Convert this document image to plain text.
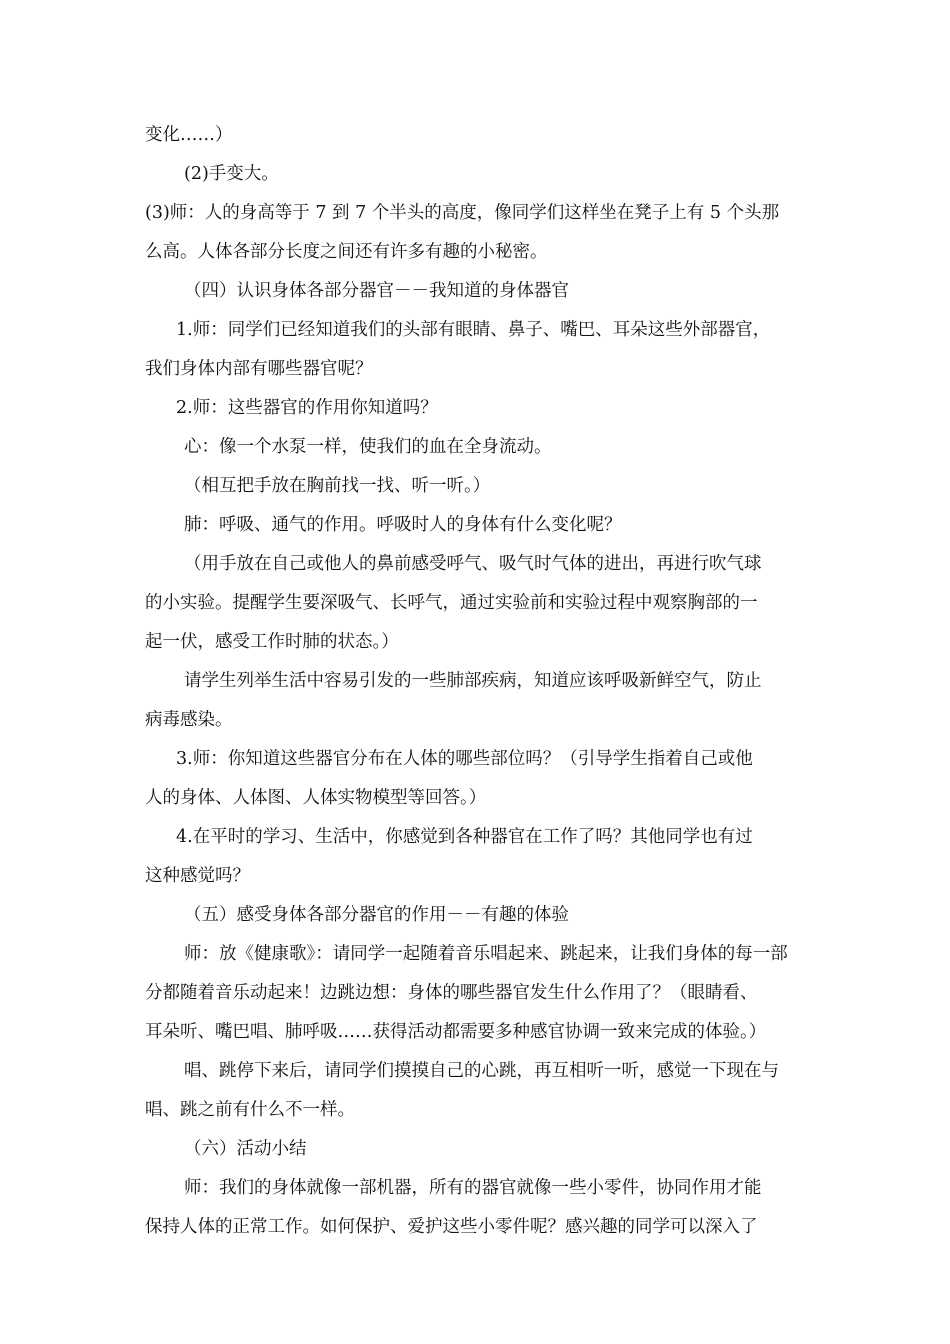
变化……）

(2)手变大。

(3)师：人的身高等于 7 到 7 个半头的高度，像同学们这样坐在凳子上有 5 个头那

么高。人体各部分长度之间还有许多有趣的小秘密。

（四）认识身体各部分器官－－我知道的身体器官

1.师：同学们已经知道我们的头部有眼睛、鼻子、嘴巴、耳朵这些外部器官，

我们身体内部有哪些器官呢？

2.师：这些器官的作用你知道吗？

心：像一个水泵一样，使我们的血在全身流动。

（相互把手放在胸前找一找、听一听。）

肺：呼吸、通气的作用。呼吸时人的身体有什么变化呢？

（用手放在自己或他人的鼻前感受呼气、吸气时气体的进出，再进行吹气球

的小实验。提醒学生要深吸气、长呼气，通过实验前和实验过程中观察胸部的一

起一伏，感受工作时肺的状态。）

请学生列举生活中容易引发的一些肺部疾病，知道应该呼吸新鲜空气，防止

病毒感染。

3.师：你知道这些器官分布在人体的哪些部位吗？（引导学生指着自己或他

人的身体、人体图、人体实物模型等回答。）

4.在平时的学习、生活中，你感觉到各种器官在工作了吗？其他同学也有过

这种感觉吗？

（五）感受身体各部分器官的作用－－有趣的体验

师：放《健康歌》：请同学一起随着音乐唱起来、跳起来，让我们身体的每一部

分都随着音乐动起来！边跳边想：身体的哪些器官发生什么作用了？（眼睛看、

耳朵听、嘴巴唱、肺呼吸……获得活动都需要多种感官协调一致来完成的体验。）

唱、跳停下来后，请同学们摸摸自己的心跳，再互相听一听，感觉一下现在与

唱、跳之前有什么不一样。

（六）活动小结

师：我们的身体就像一部机器，所有的器官就像一些小零件，协同作用才能

保持人体的正常工作。如何保护、爱护这些小零件呢？感兴趣的同学可以深入了
